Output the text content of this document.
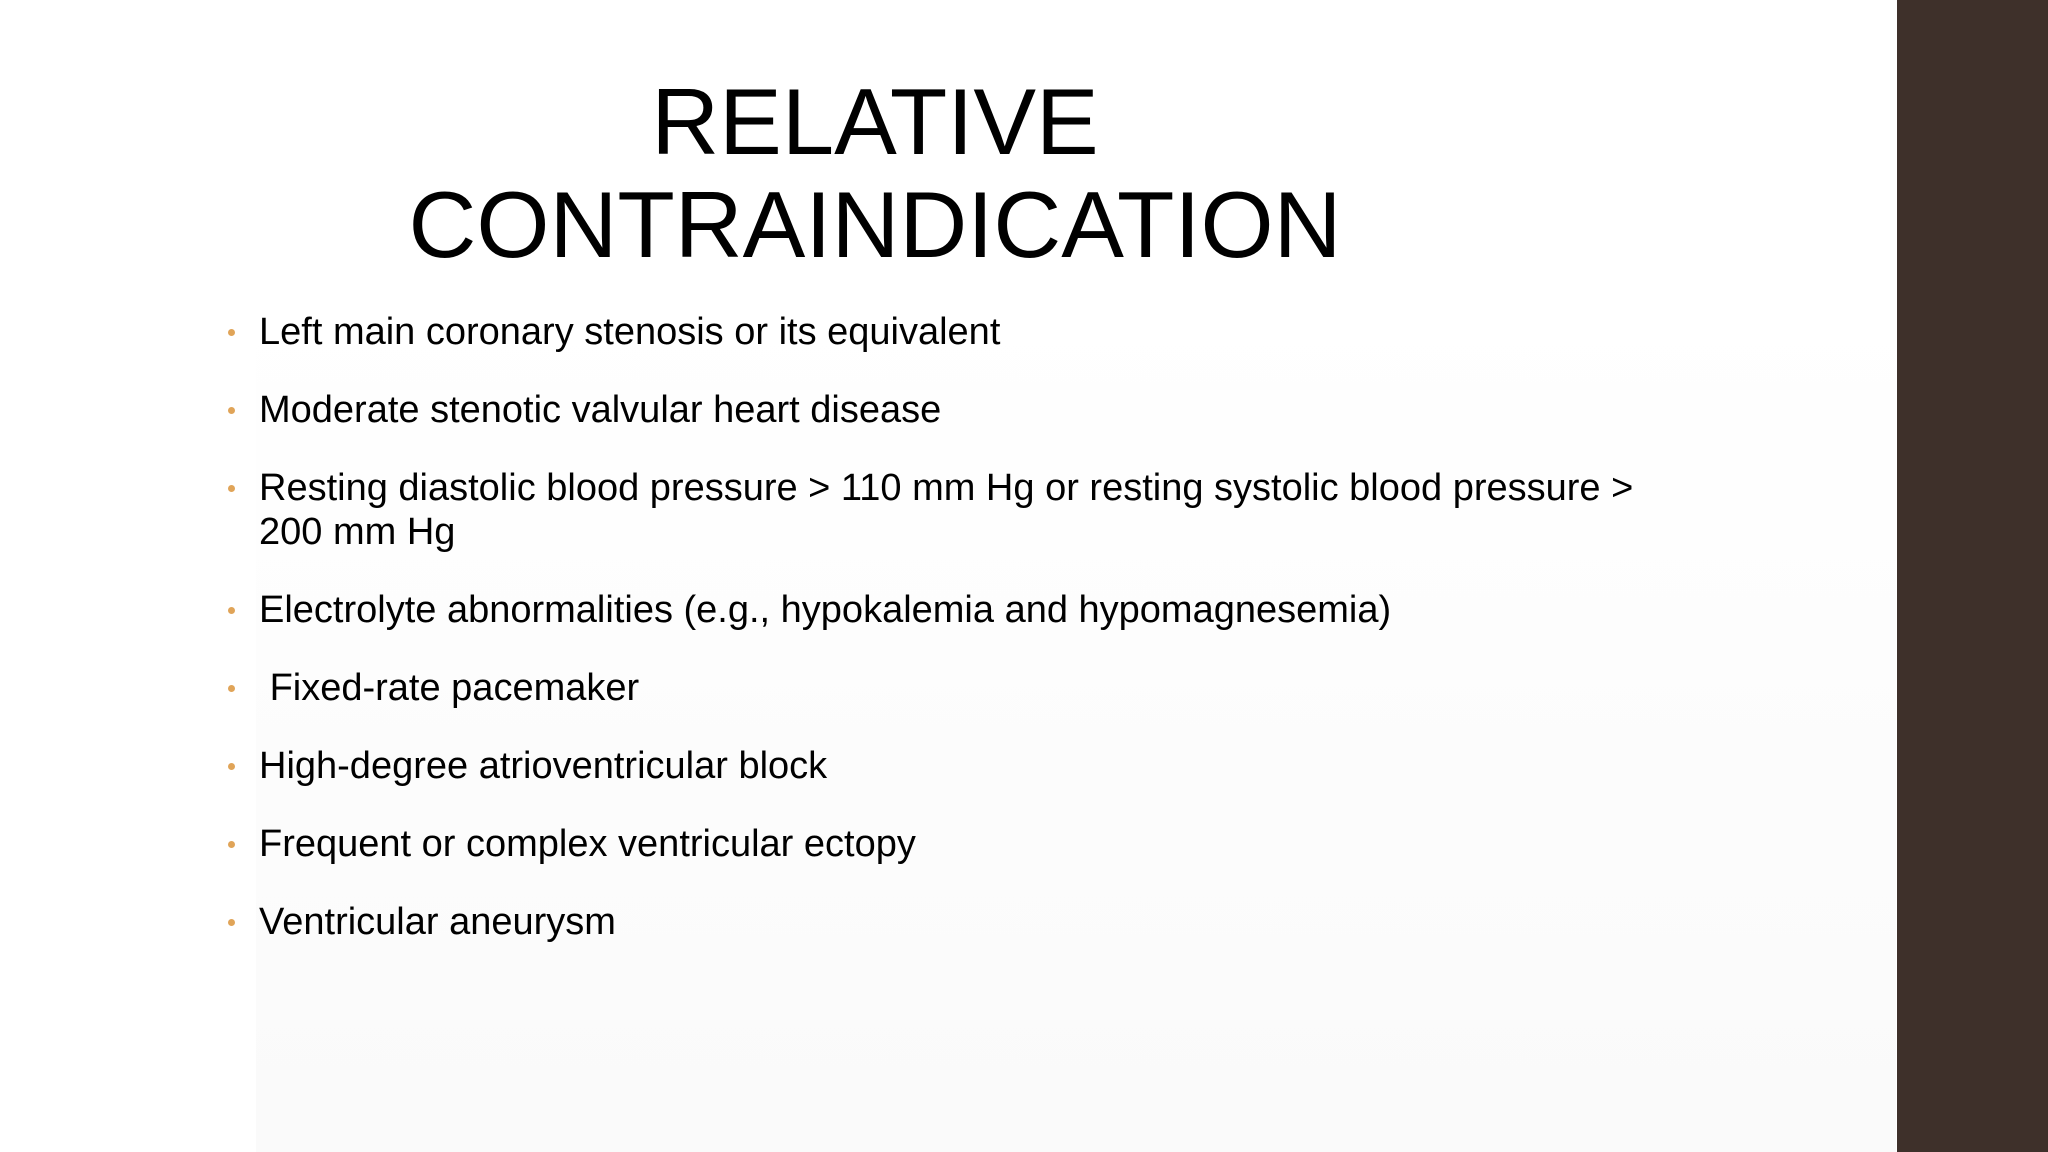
RELATIVE
CONTRAINDICATION
Left main coronary stenosis or its equivalent
Moderate stenotic valvular heart disease
Resting diastolic blood pressure > 110 mm Hg or resting systolic blood pressure > 200 mm Hg
Electrolyte abnormalities (e.g., hypokalemia and hypomagnesemia)
Fixed-rate pacemaker
High-degree atrioventricular block
Frequent or complex ventricular ectopy
Ventricular aneurysm
